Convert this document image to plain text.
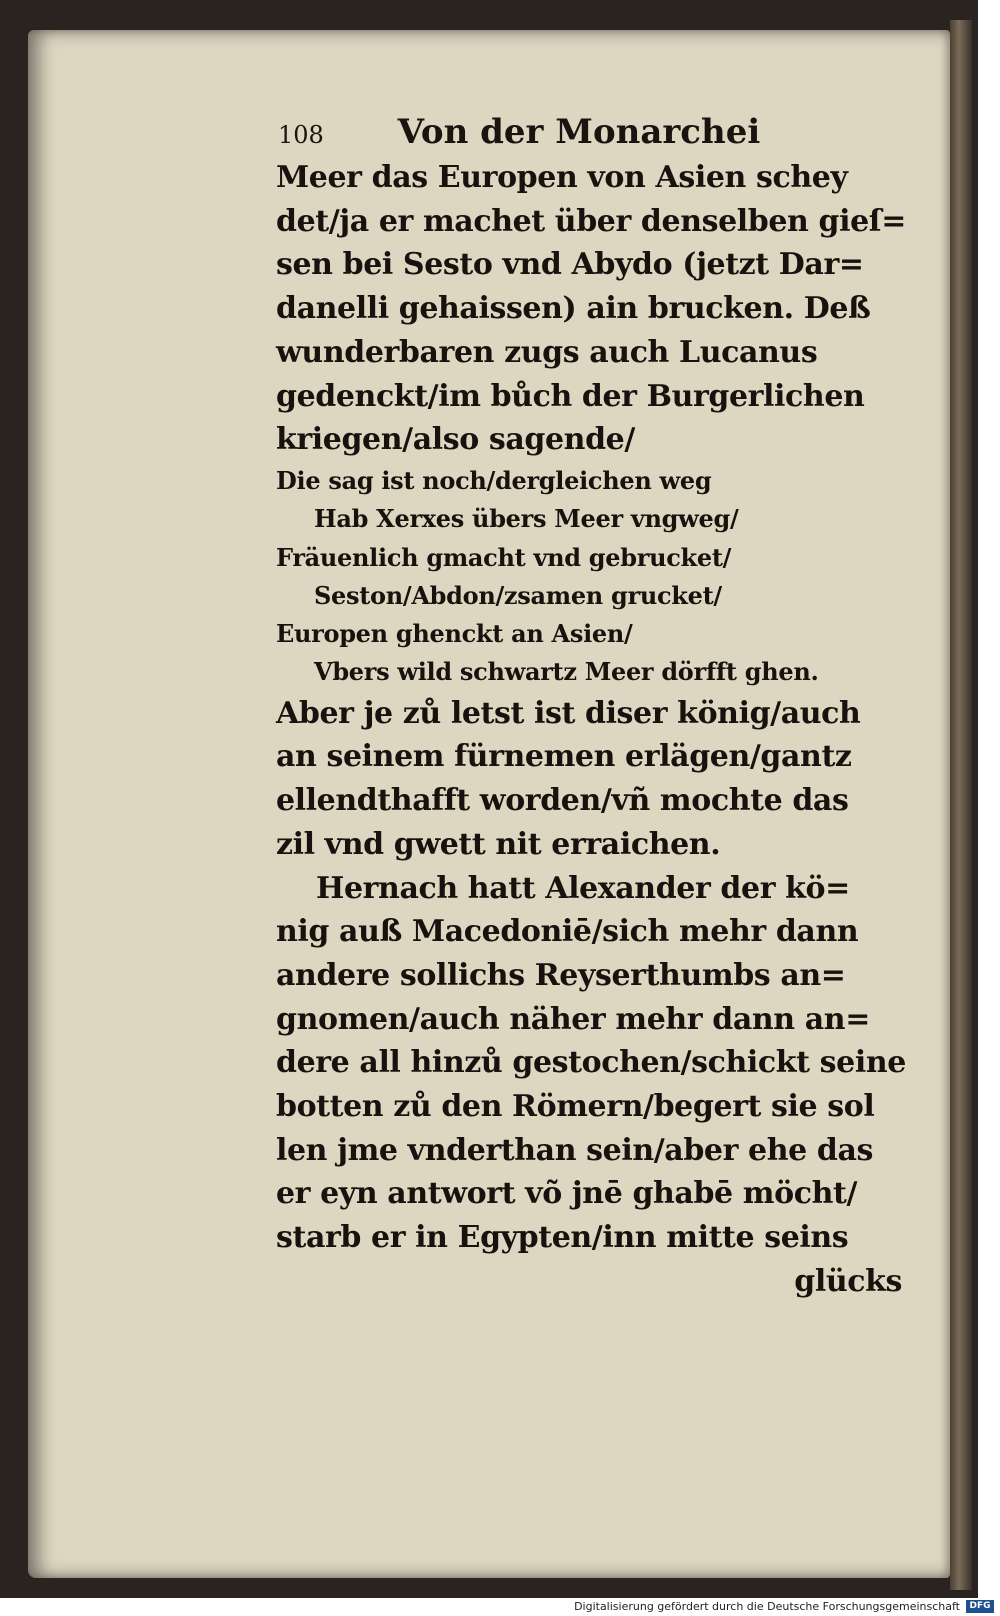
108 Von der Monarchei
Meer das Europen von Asien schey
det/ja er machet über denselben gieſ=
sen bei Sesto vnd Abydo (jetzt Dar=
danelli gehaissen) ain brucken. Deß
wunderbaren zugs auch Lucanus
gedenckt/im bůch der Burgerlichen
kriegen/also sagende/
Die sag ist noch/dergleichen weg
Hab Xerxes übers Meer vngweg/
Fräuenlich gmacht vnd gebrucket/
Seston/Abdon/zsamen grucket/
Europen ghenckt an Asien/
Vbers wild schwartz Meer dörfft ghen.
Aber je zů letst ist diser könig/auch
an seinem fürnemen erlägen/gantz
ellendthafft worden/vñ mochte das
zil vnd gwett nit erraichen.
Hernach hatt Alexander der kö=
nig auß Macedoniē/sich mehr dann
andere sollichs Reyserthumbs an=
gnomen/auch näher mehr dann an=
dere all hinzů gestochen/schickt seine
botten zů den Römern/begert sie sol
len jme vnderthan sein/aber ehe das
er eyn antwort võ jnē ghabē möcht/
starb er in Egypten/inn mitte seins
glücks
Digitalisierung gefördert durch die Deutsche Forschungsgemeinschaft	DFG
